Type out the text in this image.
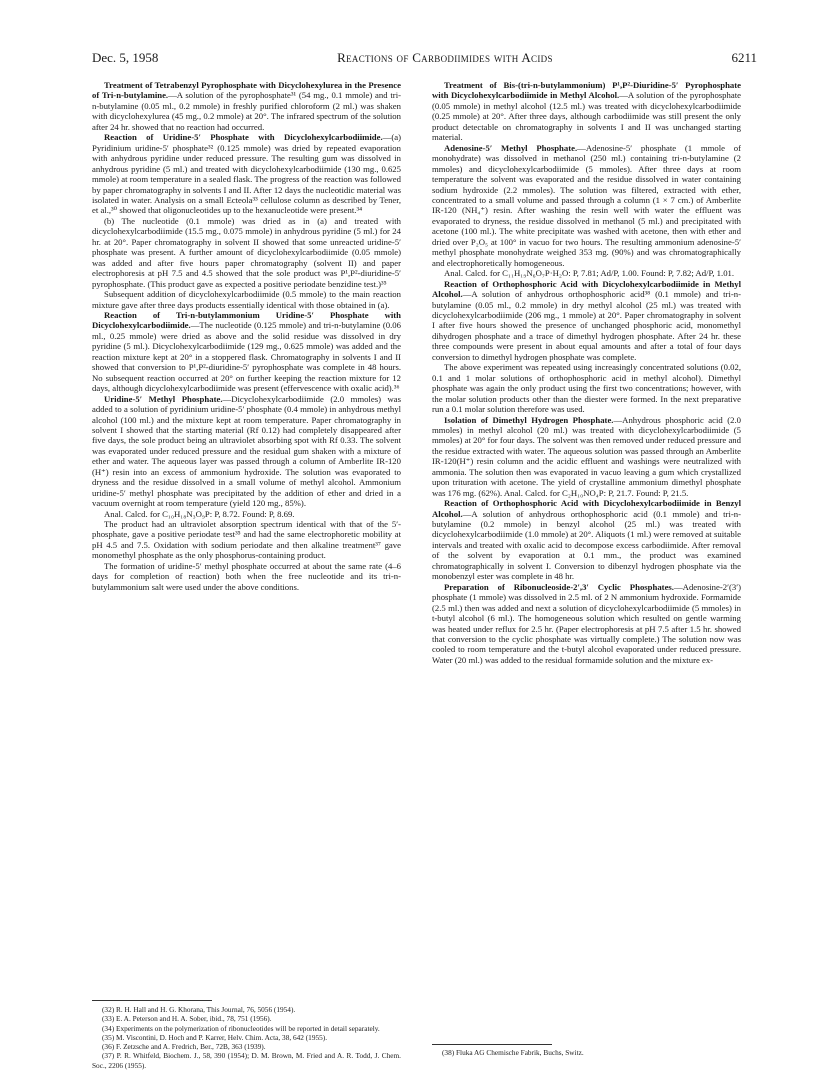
Dec. 5, 1958	Reactions of Carbodiimides with Acids	6211

Treatment of Tetrabenzyl Pyrophosphate with Dicyclohexylurea in the Presence of Tri-n-butylamine.—A solution of the pyrophosphate³¹ (54 mg., 0.1 mmole) and tri-n-butylamine (0.05 ml., 0.2 mmole) in freshly purified chloroform (2 ml.) was shaken with dicyclohexylurea (45 mg., 0.2 mmole) at 20°. The infrared spectrum of the solution after 24 hr. showed that no reaction had occurred.

Reaction of Uridine-5′ Phosphate with Dicyclohexylcarbodiimide.—(a) Pyridinium uridine-5′ phosphate³² (0.125 mmole) was dried by repeated evaporation with anhydrous pyridine under reduced pressure. The resulting gum was dissolved in anhydrous pyridine (5 ml.) and treated with dicyclohexylcarbodiimide (130 mg., 0.625 mmole) at room temperature in a sealed flask. The progress of the reaction was followed by paper chromatography in solvents I and II. After 12 days the nucleotidic material was isolated in water. Analysis on a small Ecteola³³ cellulose column as described by Tener, et al.,³⁰ showed that oligonucleotides up to the hexanucleotide were present.³⁴

(b) The nucleotide (0.1 mmole) was dried as in (a) and treated with dicyclohexylcarbodiimide (15.5 mg., 0.075 mmole) in anhydrous pyridine (5 ml.) for 24 hr. at 20°. Paper chromatography in solvent II showed that some unreacted uridine-5′ phosphate was present. A further amount of dicyclohexylcarbodiimide (0.05 mmole) was added and after five hours paper chromatography (solvent II) and paper electrophoresis at pH 7.5 and 4.5 showed that the sole product was P¹,P²-diuridine-5′ pyrophosphate. (This product gave as expected a positive periodate benzidine test.)³⁵

Subsequent addition of dicyclohexylcarbodiimide (0.5 mmole) to the main reaction mixture gave after three days products essentially identical with those obtained in (a).

Reaction of Tri-n-butylammonium Uridine-5′ Phosphate with Dicyclohexylcarbodiimide.—The nucleotide (0.125 mmole) and tri-n-butylamine (0.06 ml., 0.25 mmole) were dried as above and the solid residue was dissolved in dry pyridine (5 ml.). Dicyclohexylcarbodiimide (129 mg., 0.625 mmole) was added and the reaction mixture kept at 20° in a stoppered flask. Chromatography in solvents I and II showed that conversion to P¹,P²-diuridine-5′ pyrophosphate was complete in 48 hours. No subsequent reaction occurred at 20° on further keeping the reaction mixture for 12 days, although dicyclohexylcarbodiimide was present (effervescence with oxalic acid).³⁶

Uridine-5′ Methyl Phosphate.—Dicyclohexylcarbodiimide (2.0 mmoles) was added to a solution of pyridinium uridine-5′ phosphate (0.4 mmole) in anhydrous methyl alcohol (100 ml.) and the mixture kept at room temperature. Paper chromatography in solvent I showed that the starting material (Rf 0.12) had completely disappeared after five days, the sole product being an ultraviolet absorbing spot with Rf 0.33. The solvent was evaporated under reduced pressure and the residual gum shaken with a mixture of ether and water. The aqueous layer was passed through a column of Amberlite IR-120 (H⁺) resin into an excess of ammonium hydroxide. The solution was evaporated to dryness and the residue dissolved in a small volume of methyl alcohol. Ammonium uridine-5′ methyl phosphate was precipitated by the addition of ether and dried in a vacuum overnight at room temperature (yield 120 mg., 85%).

Anal. Calcd. for C₁₀H₁₈N₃O₉P: P, 8.72. Found: P, 8.69.

The product had an ultraviolet absorption spectrum identical with that of the 5′-phosphate, gave a positive periodate test³⁵ and had the same electrophoretic mobility at pH 4.5 and 7.5. Oxidation with sodium periodate and then alkaline treatment³⁷ gave monomethyl phosphate as the only phosphorus-containing product.

The formation of uridine-5′ methyl phosphate occurred at about the same rate (4–6 days for completion of reaction) both when the free nucleotide and its tri-n-butylammonium salt were used under the above conditions.

Treatment of Bis-(tri-n-butylammonium) P¹,P²-Diuridine-5′ Pyrophosphate with Dicyclohexylcarbodiimide in Methyl Alcohol.—A solution of the pyrophosphate (0.05 mmole) in methyl alcohol (12.5 ml.) was treated with dicyclohexylcarbodiimide (0.25 mmole) at 20°. After three days, although carbodiimide was still present the only product detectable on chromatography in solvents I and II was unchanged starting material.

Adenosine-5′ Methyl Phosphate.—Adenosine-5′ phosphate (1 mmole of monohydrate) was dissolved in methanol (250 ml.) containing tri-n-butylamine (2 mmoles) and dicyclohexylcarbodiimide (5 mmoles). After three days at room temperature the solvent was evaporated and the residue dissolved in water containing sodium hydroxide (2.2 mmoles). The solution was filtered, extracted with ether, concentrated to a small volume and passed through a column (1 × 7 cm.) of Amberlite IR-120 (NH₄⁺) resin. After washing the resin well with water the effluent was evaporated to dryness, the residue dissolved in methanol (5 ml.) and precipitated with acetone (100 ml.). The white precipitate was washed with acetone, then with ether and dried over P₂O₅ at 100° in vacuo for two hours. The resulting ammonium adenosine-5′ methyl phosphate monohydrate weighed 353 mg. (90%) and was chromatographically and electrophoretically homogeneous.

Anal. Calcd. for C₁₁H₁₉N₆O₇P·H₂O: P, 7.81; Ad/P, 1.00. Found: P, 7.82; Ad/P, 1.01.

Reaction of Orthophosphoric Acid with Dicyclohexylcarbodiimide in Methyl Alcohol.—A solution of anhydrous orthophosphoric acid³⁸ (0.1 mmole) and tri-n-butylamine (0.05 ml., 0.2 mmole) in dry methyl alcohol (25 ml.) was treated with dicyclohexylcarbodiimide (206 mg., 1 mmole) at 20°. Paper chromatography in solvent I after five hours showed the presence of unchanged phosphoric acid, monomethyl dihydrogen phosphate and a trace of dimethyl hydrogen phosphate. After 24 hr. these three compounds were present in about equal amounts and after a total of four days conversion to dimethyl hydrogen phosphate was complete.

The above experiment was repeated using increasingly concentrated solutions (0.02, 0.1 and 1 molar solutions of orthophosphoric acid in methyl alcohol). Dimethyl phosphate was again the only product using the first two concentrations; however, with the molar solution products other than the diester were formed. In the next preparative run a 0.1 molar solution therefore was used.

Isolation of Dimethyl Hydrogen Phosphate.—Anhydrous phosphoric acid (2.0 mmoles) in methyl alcohol (20 ml.) was treated with dicyclohexylcarbodiimide (5 mmoles) at 20° for four days. The solvent was then removed under reduced pressure and the residue extracted with water. The aqueous solution was passed through an Amberlite IR-120(H⁺) resin column and the acidic effluent and washings were neutralized with ammonia. The solution then was evaporated in vacuo leaving a gum which crystallized upon trituration with acetone. The yield of crystalline ammonium dimethyl phosphate was 176 mg. (62%). Anal. Calcd. for C₂H₁₀NO₄P: P, 21.7. Found: P, 21.5.

Reaction of Orthophosphoric Acid with Dicyclohexylcarbodiimide in Benzyl Alcohol.—A solution of anhydrous orthophosphoric acid (0.1 mmole) and tri-n-butylamine (0.2 mmole) in benzyl alcohol (25 ml.) was treated with dicyclohexylcarbodiimide (1.0 mmole) at 20°. Aliquots (1 ml.) were removed at suitable intervals and treated with oxalic acid to decompose excess carbodiimide. After removal of the solvent by evaporation at 0.1 mm., the product was examined chromatographically in solvent I. Conversion to dibenzyl hydrogen phosphate via the monobenzyl ester was complete in 48 hr.

Preparation of Ribonucleoside-2′,3′ Cyclic Phosphates.—Adenosine-2′(3′) phosphate (1 mmole) was dissolved in 2.5 ml. of 2 N ammonium hydroxide. Formamide (2.5 ml.) then was added and next a solution of dicyclohexylcarbodiimide (5 mmoles) in t-butyl alcohol (6 ml.). The homogeneous solution which resulted on gentle warming was heated under reflux for 2.5 hr. (Paper electrophoresis at pH 7.5 after 1.5 hr. showed that conversion to the cyclic phosphate was virtually complete.) The solution now was cooled to room temperature and the t-butyl alcohol evaporated under reduced pressure. Water (20 ml.) was added to the residual formamide solution and the mixture ex-

(32) R. H. Hall and H. G. Khorana, This Journal, 76, 5056 (1954).

(33) E. A. Peterson and H. A. Sober, ibid., 78, 751 (1956).

(34) Experiments on the polymerization of ribonucleotides will be reported in detail separately.

(35) M. Viscontini, D. Hoch and P. Karrer, Helv. Chim. Acta, 38, 642 (1955).

(36) F. Zetzsche and A. Fredrich, Ber., 72B, 363 (1939).

(37) P. R. Whitfeld, Biochem. J., 58, 390 (1954); D. M. Brown, M. Fried and A. R. Todd, J. Chem. Soc., 2206 (1955).

(38) Fluka AG Chemische Fabrik, Buchs, Switz.
